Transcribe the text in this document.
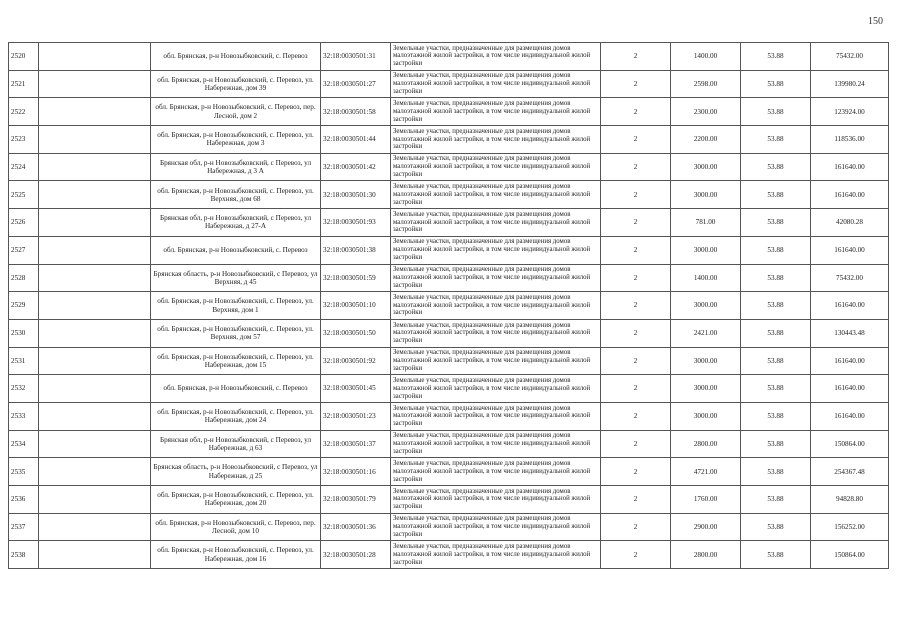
150
2520		обл. Брянская, р-н Новозыбковский, с. Перевоз	32:18:0030501:31	Земельные участки, предназначенные для размещения домов малоэтажной жилой застройки, в том числе индивидуальной жилой застройки	2	1400.00	53.88	75432.00
2521		обл. Брянская, р-н Новозыбковский, с. Перевоз, ул. Набережная, дом 39	32:18:0030501:27	Земельные участки, предназначенные для размещения домов малоэтажной жилой застройки, в том числе индивидуальной жилой застройки	2	2598.00	53.88	139980.24
2522		обл. Брянская, р-н Новозыбковский, с. Перевоз, пер. Лесной, дом 2	32:18:0030501:58	Земельные участки, предназначенные для размещения домов малоэтажной жилой застройки, в том числе индивидуальной жилой застройки	2	2300.00	53.88	123924.00
2523		обл. Брянская, р-н Новозыбковский, с. Перевоз, ул. Набережная, дом 3	32:18:0030501:44	Земельные участки, предназначенные для размещения домов малоэтажной жилой застройки, в том числе индивидуальной жилой застройки	2	2200.00	53.88	118536.00
2524		Брянская обл, р-н Новозыбковский, с Перевоз, ул Набережная, д 3 А	32:18:0030501:42	Земельные участки, предназначенные для размещения домов малоэтажной жилой застройки, в том числе индивидуальной жилой застройки	2	3000.00	53.88	161640.00
2525		обл. Брянская, р-н Новозыбковский, с. Перевоз, ул. Верхняя, дом 68	32:18:0030501:30	Земельные участки, предназначенные для размещения домов малоэтажной жилой застройки, в том числе индивидуальной жилой застройки	2	3000.00	53.88	161640.00
2526		Брянская обл, р-н Новозыбковский, с Перевоз, ул Набережная, д 27-А	32:18:0030501:93	Земельные участки, предназначенные для размещения домов малоэтажной жилой застройки, в том числе индивидуальной жилой застройки	2	781.00	53.88	42080.28
2527		обл. Брянская, р-н Новозыбковский, с. Перевоз	32:18:0030501:38	Земельные участки, предназначенные для размещения домов малоэтажной жилой застройки, в том числе индивидуальной жилой застройки	2	3000.00	53.88	161640.00
2528		Брянская область, р-н Новозыбковский, с Перевоз, ул Верхняя, д 45	32:18:0030501:59	Земельные участки, предназначенные для размещения домов малоэтажной жилой застройки, в том числе индивидуальной жилой застройки	2	1400.00	53.88	75432.00
2529		обл. Брянская, р-н Новозыбковский, с. Перевоз, ул. Верхняя, дом 1	32:18:0030501:10	Земельные участки, предназначенные для размещения домов малоэтажной жилой застройки, в том числе индивидуальной жилой застройки	2	3000.00	53.88	161640.00
2530		обл. Брянская, р-н Новозыбковский, с. Перевоз, ул. Верхняя, дом 57	32:18:0030501:50	Земельные участки, предназначенные для размещения домов малоэтажной жилой застройки, в том числе индивидуальной жилой застройки	2	2421.00	53.88	130443.48
2531		обл. Брянская, р-н Новозыбковский, с. Перевоз, ул. Набережная, дом 15	32:18:0030501:92	Земельные участки, предназначенные для размещения домов малоэтажной жилой застройки, в том числе индивидуальной жилой застройки	2	3000.00	53.88	161640.00
2532		обл. Брянская, р-н Новозыбковский, с. Перевоз	32:18:0030501:45	Земельные участки, предназначенные для размещения домов малоэтажной жилой застройки, в том числе индивидуальной жилой застройки	2	3000.00	53.88	161640.00
2533		обл. Брянская, р-н Новозыбковский, с. Перевоз, ул. Набережная, дом 24	32:18:0030501:23	Земельные участки, предназначенные для размещения домов малоэтажной жилой застройки, в том числе индивидуальной жилой застройки	2	3000.00	53.88	161640.00
2534		Брянская обл, р-н Новозыбковский, с Перевоз, ул Набережная, д 63	32:18:0030501:37	Земельные участки, предназначенные для размещения домов малоэтажной жилой застройки, в том числе индивидуальной жилой застройки	2	2800.00	53.88	150864.00
2535		Брянская область, р-н Новозыбковский, с Перевоз, ул Набережная, д 25	32:18:0030501:16	Земельные участки, предназначенные для размещения домов малоэтажной жилой застройки, в том числе индивидуальной жилой застройки	2	4721.00	53.88	254367.48
2536		обл. Брянская, р-н Новозыбковский, с. Перевоз, ул. Набережная, дом 20	32:18:0030501:79	Земельные участки, предназначенные для размещения домов малоэтажной жилой застройки, в том числе индивидуальной жилой застройки	2	1760.00	53.88	94828.80
2537		обл. Брянская, р-н Новозыбковский, с. Перевоз, пер. Лесной, дом 10	32:18:0030501:36	Земельные участки, предназначенные для размещения домов малоэтажной жилой застройки, в том числе индивидуальной жилой застройки	2	2900.00	53.88	156252.00
2538		обл. Брянская, р-н Новозыбковский, с. Перевоз, ул. Набережная, дом 16	32:18:0030501:28	Земельные участки, предназначенные для размещения домов малоэтажной жилой застройки, в том числе индивидуальной жилой застройки	2	2800.00	53.88	150864.00
